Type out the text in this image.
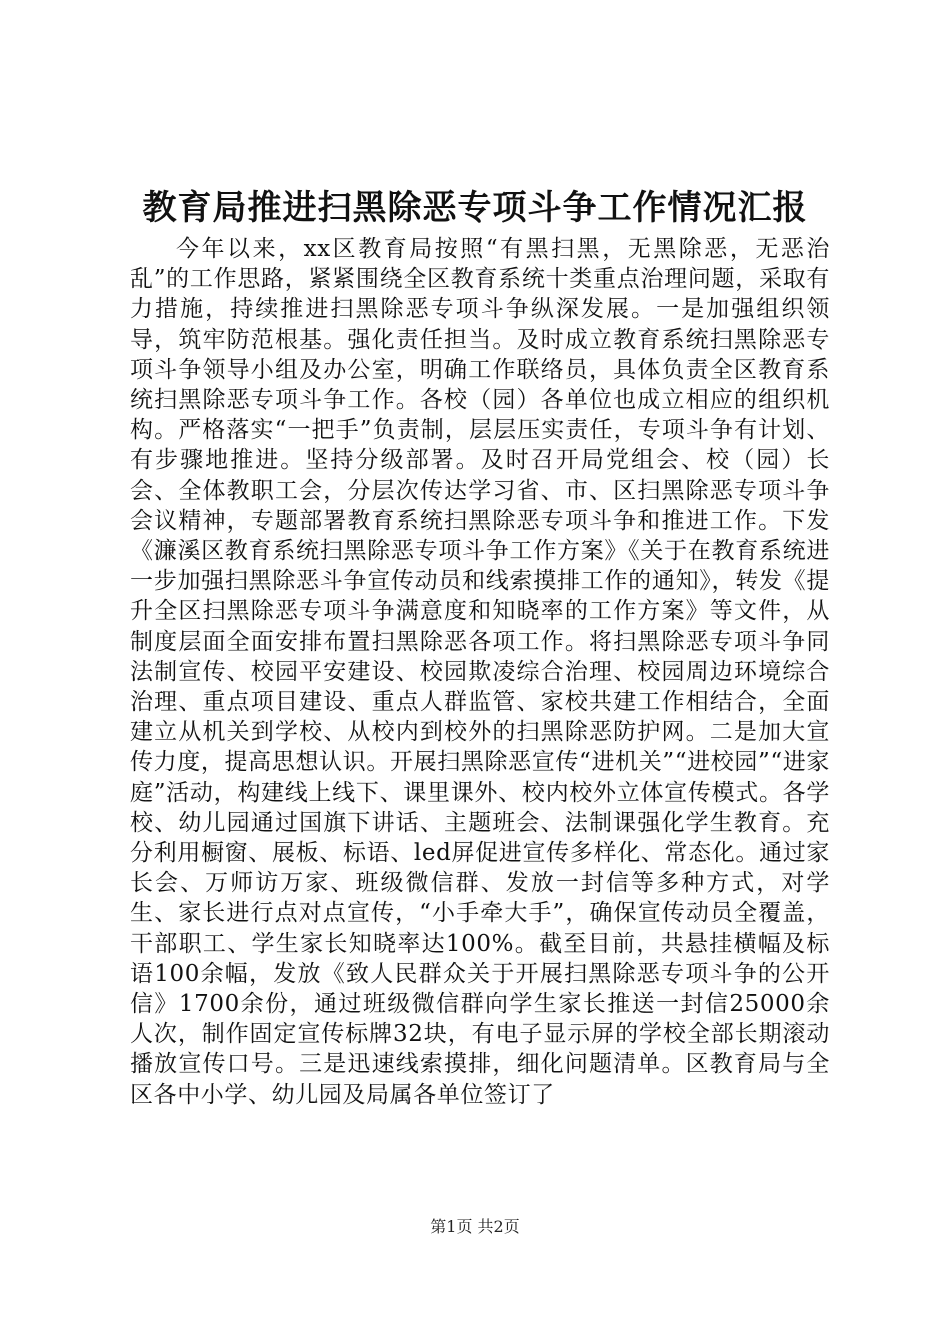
教育局推进扫黑除恶专项斗争工作情况汇报

今年以来，xx区教育局按照“有黑扫黑，无黑除恶，无恶治乱”的工作思路，紧紧围绕全区教育系统十类重点治理问题，采取有力措施，持续推进扫黑除恶专项斗争纵深发展。一是加强组织领导，筑牢防范根基。强化责任担当。及时成立教育系统扫黑除恶专项斗争领导小组及办公室，明确工作联络员，具体负责全区教育系统扫黑除恶专项斗争工作。各校（园）各单位也成立相应的组织机构。严格落实“一把手”负责制，层层压实责任，专项斗争有计划、有步骤地推进。坚持分级部署。及时召开局党组会、校（园）长会、全体教职工会，分层次传达学习省、市、区扫黑除恶专项斗争会议精神，专题部署教育系统扫黑除恶专项斗争和推进工作。下发《濂溪区教育系统扫黑除恶专项斗争工作方案》《关于在教育系统进一步加强扫黑除恶斗争宣传动员和线索摸排工作的通知》，转发《提升全区扫黑除恶专项斗争满意度和知晓率的工作方案》等文件，从制度层面全面安排布置扫黑除恶各项工作。将扫黑除恶专项斗争同法制宣传、校园平安建设、校园欺凌综合治理、校园周边环境综合治理、重点项目建设、重点人群监管、家校共建工作相结合，全面建立从机关到学校、从校内到校外的扫黑除恶防护网。二是加大宣传力度，提高思想认识。开展扫黑除恶宣传“进机关”“进校园”“进家庭”活动，构建线上线下、课里课外、校内校外立体宣传模式。各学校、幼儿园通过国旗下讲话、主题班会、法制课强化学生教育。充分利用橱窗、展板、标语、led屏促进宣传多样化、常态化。通过家长会、万师访万家、班级微信群、发放一封信等多种方式，对学生、家长进行点对点宣传，“小手牵大手”，确保宣传动员全覆盖，干部职工、学生家长知晓率达100%。截至目前，共悬挂横幅及标语100余幅，发放《致人民群众关于开展扫黑除恶专项斗争的公开信》1700余份，通过班级微信群向学生家长推送一封信25000余人次，制作固定宣传标牌32块，有电子显示屏的学校全部长期滚动播放宣传口号。三是迅速线索摸排，细化问题清单。区教育局与全区各中小学、幼儿园及局属各单位签订了

第1页 共2页
